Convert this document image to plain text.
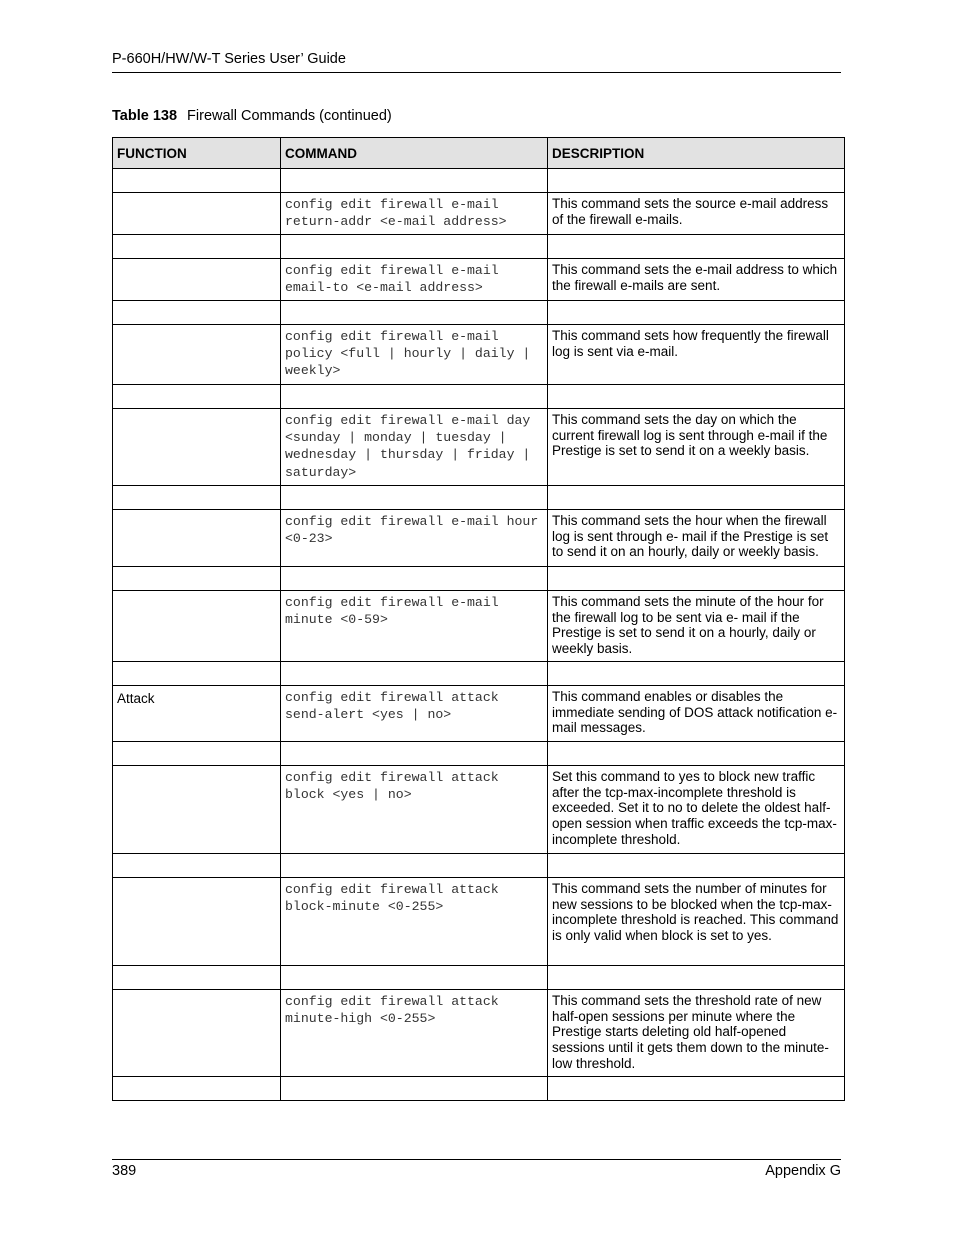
P-660H/HW/W-T Series User’ Guide
Table 138 Firewall Commands (continued)
FUNCTION	COMMAND	DESCRIPTION

	config edit firewall e-mail return-addr <e-mail address>	This command sets the source e-mail address of the firewall e-mails.

	config edit firewall e-mail email-to <e-mail address>	This command sets the e-mail address to which the firewall e-mails are sent.

	config edit firewall e-mail policy <full | hourly | daily | weekly>	This command sets how frequently the firewall log is sent via e-mail.

	config edit firewall e-mail day <sunday | monday | tuesday | wednesday | thursday | friday | saturday>	This command sets the day on which the current firewall log is sent through e-mail if the Prestige is set to send it on a weekly basis.

	config edit firewall e-mail hour <0-23>	This command sets the hour when the firewall log is sent through e- mail if the Prestige is set to send it on an hourly, daily or weekly basis.

	config edit firewall e-mail minute <0-59>	This command sets the minute of the hour for the firewall log to be sent via e- mail if the Prestige is set to send it on a hourly, daily or weekly basis.

Attack	config edit firewall attack send-alert <yes | no>	This command enables or disables the immediate sending of DOS attack notification e-mail messages.

	config edit firewall attack block <yes | no>	Set this command to yes to block new traffic after the tcp-max-incomplete threshold is exceeded. Set it to no to delete the oldest half-open session when traffic exceeds the tcp-max-incomplete threshold.

	config edit firewall attack block-minute <0-255>	This command sets the number of minutes for new sessions to be blocked when the tcp-max-incomplete threshold is reached. This command is only valid when block is set to yes.

	config edit firewall attack minute-high <0-255>	This command sets the threshold rate of new half-open sessions per minute where the Prestige starts deleting old half-opened sessions until it gets them down to the minute-low threshold.

389	Appendix G
